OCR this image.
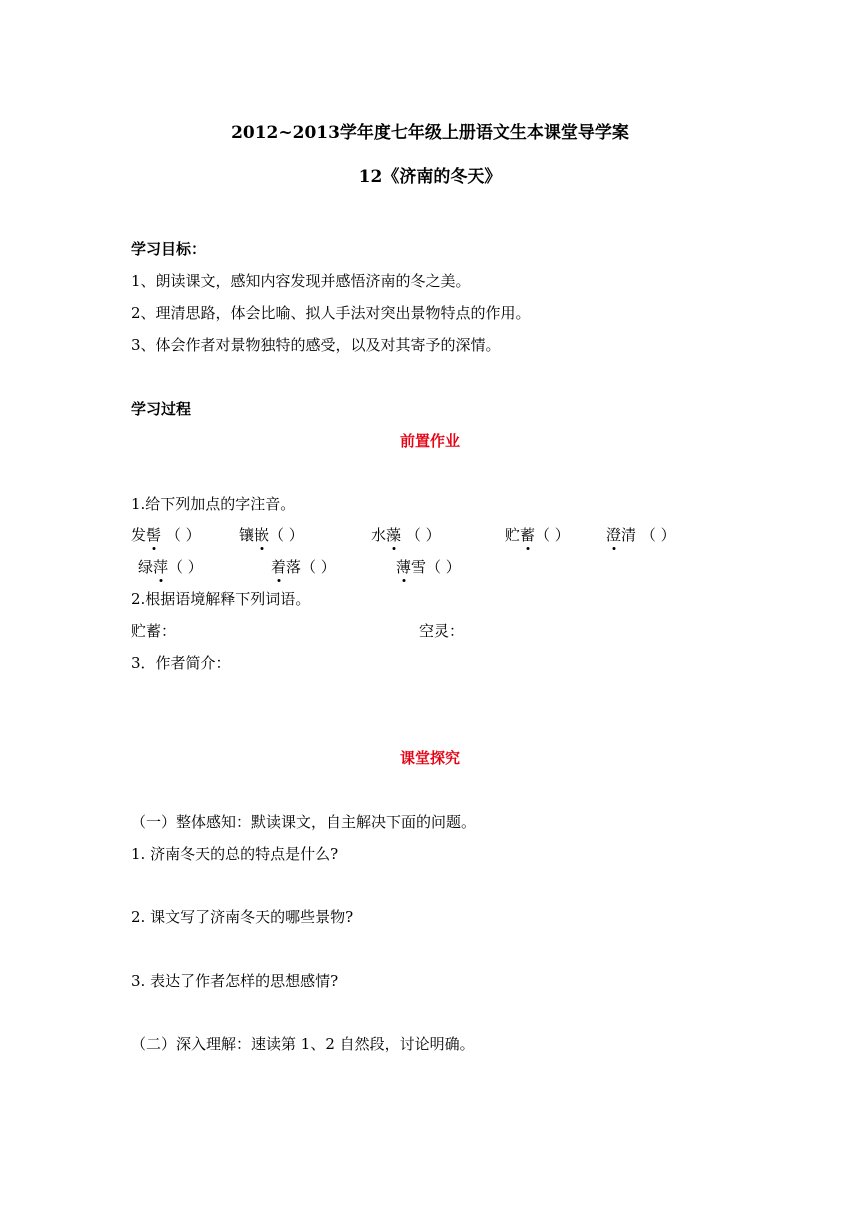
2012~2013学年度七年级上册语文生本课堂导学案
12《济南的冬天》
学习目标：
1、朗读课文，感知内容发现并感悟济南的冬之美。
2、理清思路，体会比喻、拟人手法对突出景物特点的作用。
3、体会作者对景物独特的感受，以及对其寄予的深情。
学习过程
前置作业
1.给下列加点的字注音。
发髻 （ ）	镶嵌（ ）	水藻 （ ）	贮蓄（ ） 澄清 （ ）
绿萍（ ）	着落（ ）	薄雪（ ）
2.根据语境解释下列词语。
贮蓄：	空灵：
3．作者简介：
课堂探究
（一）整体感知：默读课文，自主解决下面的问题。
1. 济南冬天的总的特点是什么?
2. 课文写了济南冬天的哪些景物?
3. 表达了作者怎样的思想感情?
（二）深入理解：速读第 1、2 自然段，讨论明确。
